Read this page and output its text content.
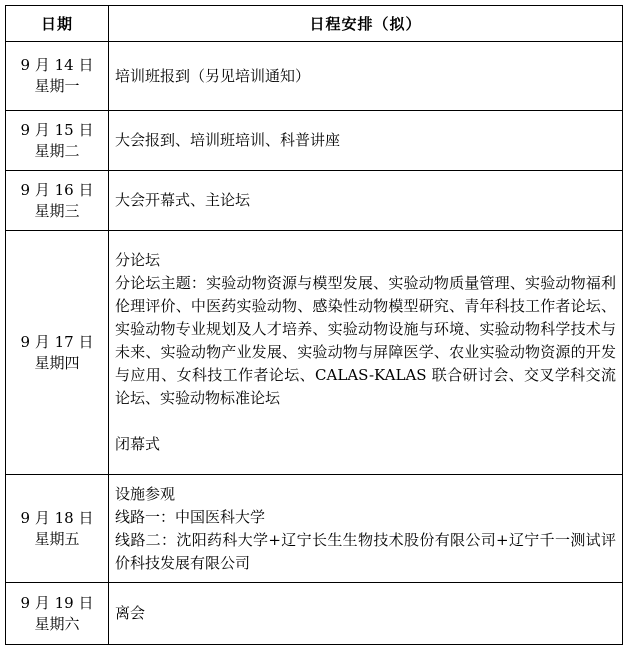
日期	日程安排（拟）

9 月 14 日
星期一	培训班报到（另见培训通知）

9 月 15 日
星期二	大会报到、培训班培训、科普讲座

9 月 16 日
星期三	大会开幕式、主论坛

9 月 17 日
星期四	分论坛
分论坛主题：实验动物资源与模型发展、实验动物质量管理、实验动物福利伦理评价、中医药实验动物、感染性动物模型研究、青年科技工作者论坛、实验动物专业规划及人才培养、实验动物设施与环境、实验动物科学技术与未来、实验动物产业发展、实验动物与屏障医学、农业实验动物资源的开发与应用、女科技工作者论坛、CALAS-KALAS 联合研讨会、交叉学科交流论坛、实验动物标准论坛
闭幕式

9 月 18 日
星期五	设施参观
线路一：中国医科大学
线路二：沈阳药科大学+辽宁长生生物技术股份有限公司+辽宁千一测试评价科技发展有限公司

9 月 19 日
星期六	离会
